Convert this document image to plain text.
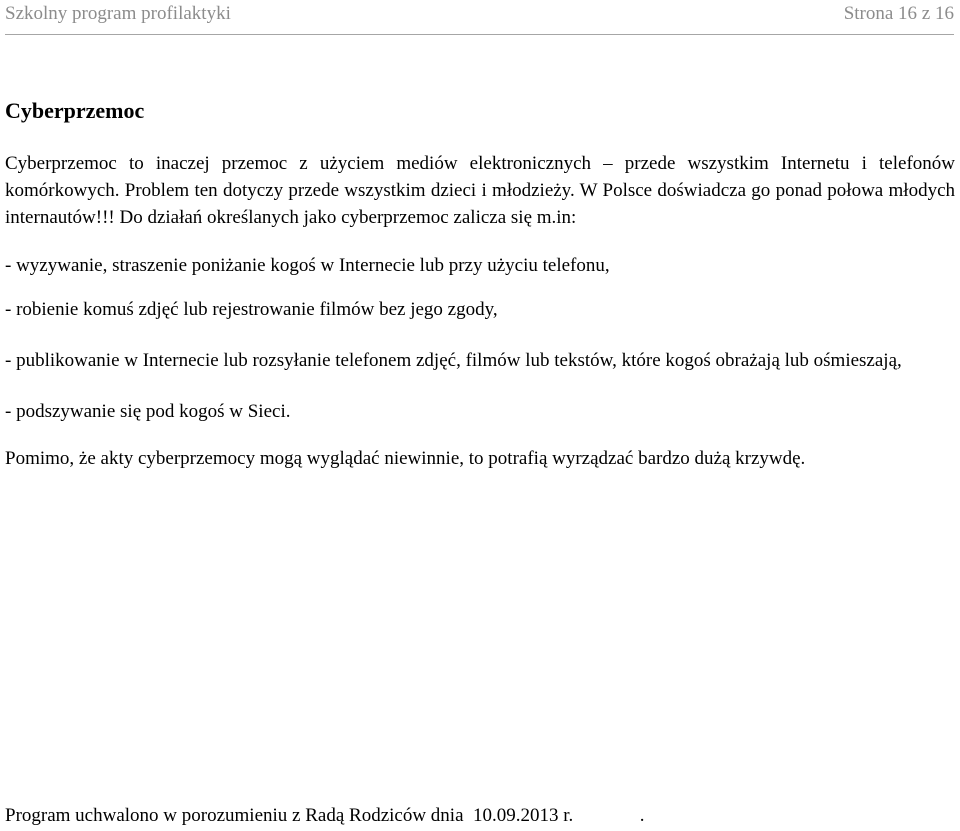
Szkolny program profilaktyki	Strona 16 z 16
Cyberprzemoc

Cyberprzemoc to inaczej przemoc z użyciem mediów elektronicznych – przede wszystkim Internetu i telefonów komórkowych. Problem ten dotyczy przede wszystkim dzieci i młodzieży. W Polsce doświadcza go ponad połowa młodych internautów!!! Do działań określanych jako cyberprzemoc zalicza się m.in:

- wyzywanie, straszenie poniżanie kogoś w Internecie lub przy użyciu telefonu,

- robienie komuś zdjęć lub rejestrowanie filmów bez jego zgody,

- publikowanie w Internecie lub rozsyłanie telefonem zdjęć, filmów lub tekstów, które kogoś obrażają lub ośmieszają,

- podszywanie się pod kogoś w Sieci.

Pomimo, że akty cyberprzemocy mogą wyglądać niewinnie, to potrafią wyrządzać bardzo dużą krzywdę.

Program uchwalono w porozumieniu z Radą Rodziców dnia  10.09.2013 r.              .
